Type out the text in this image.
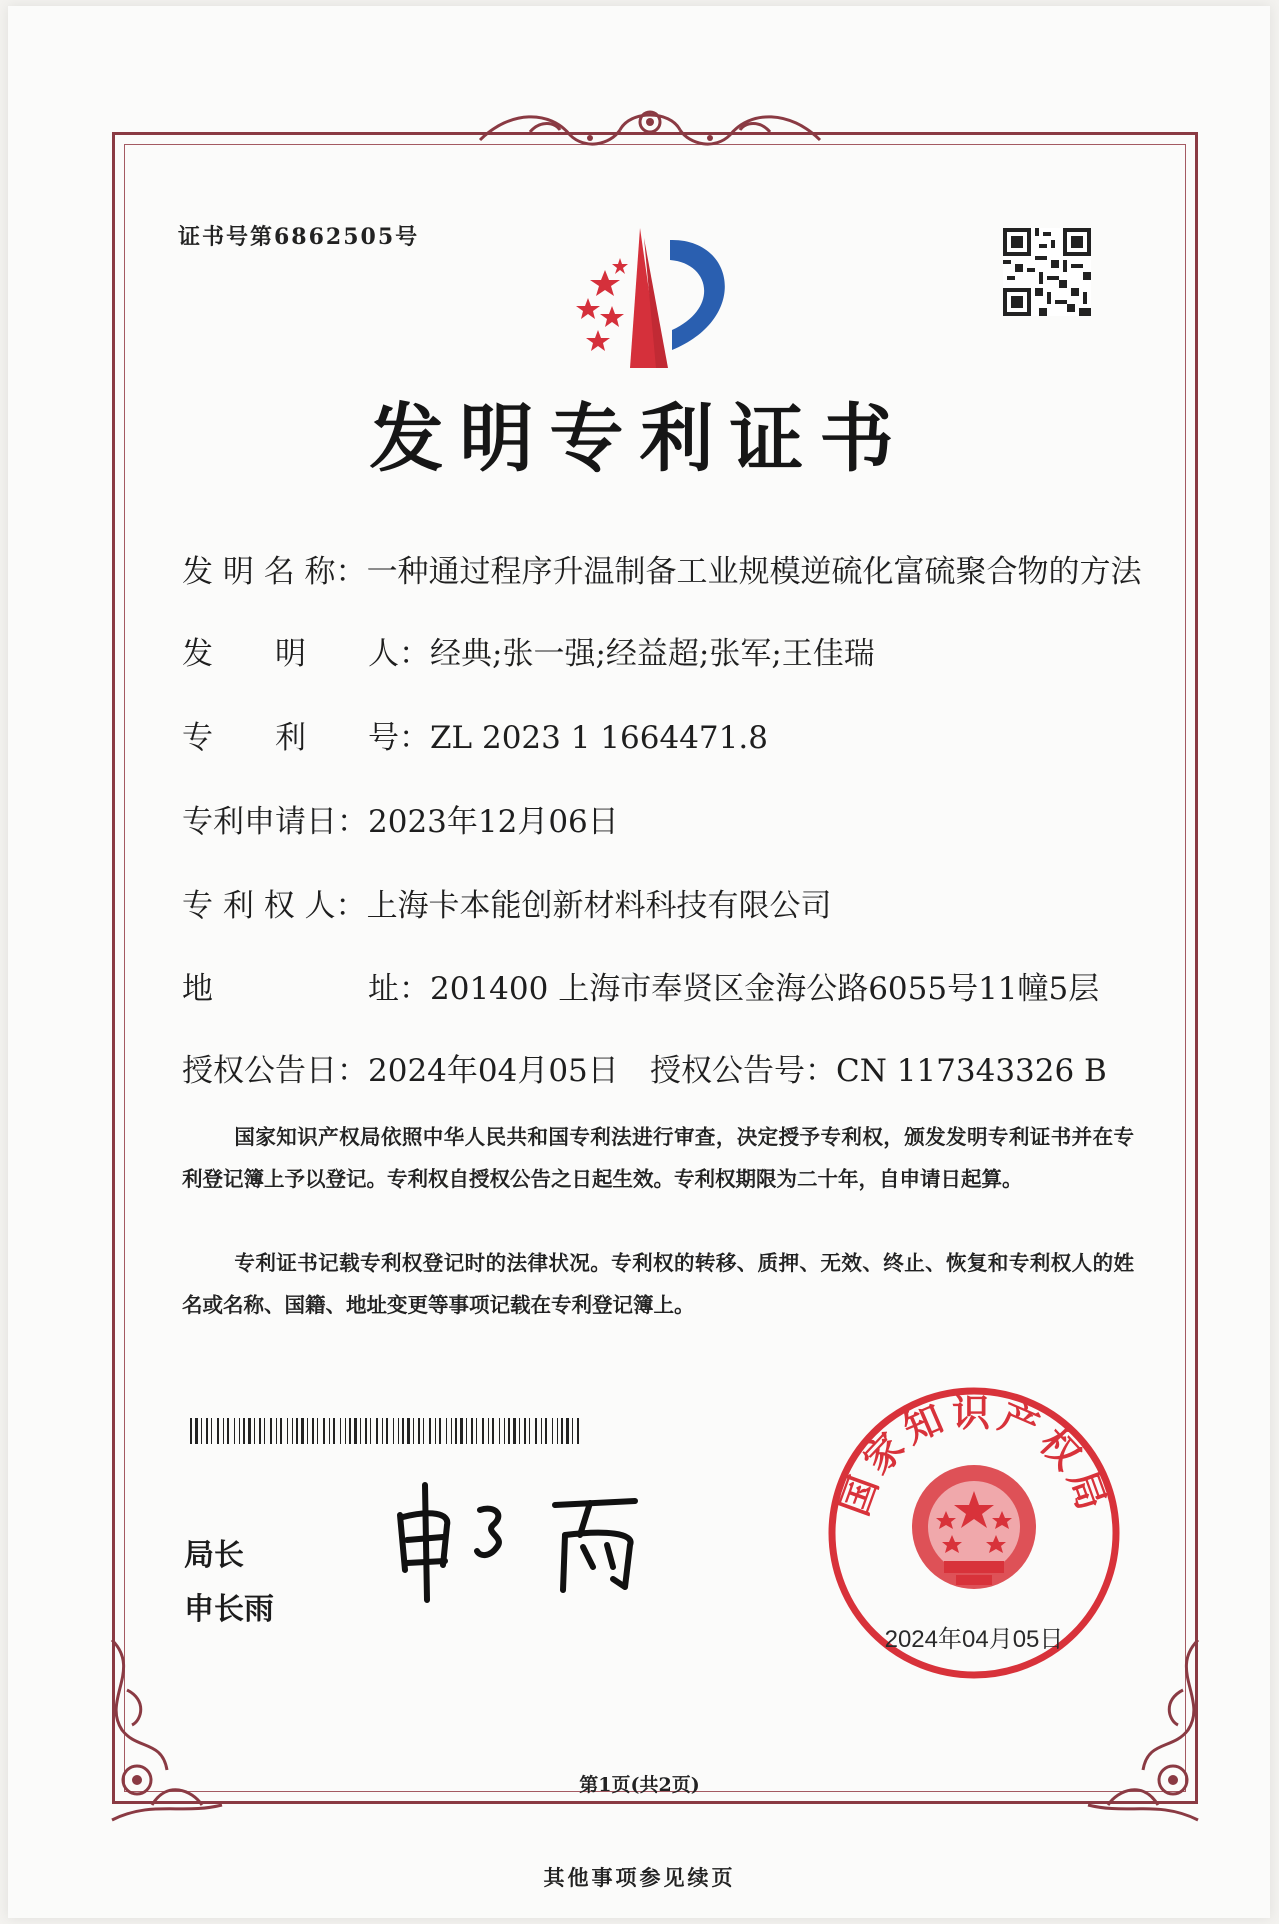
证书号第6862505号
发明专利证书
发 明 名 称：一种通过程序升温制备工业规模逆硫化富硫聚合物的方法
发　　明　　人：经典;张一强;经益超;张军;王佳瑞
专　　利　　号：ZL 2023 1 1664471.8
专利申请日：2023年12月06日
专 利 权 人：上海卡本能创新材料科技有限公司
地　　　　　址：201400 上海市奉贤区金海公路6055号11幢5层
授权公告日：2024年04月05日 授权公告号：CN 117343326 B
国家知识产权局依照中华人民共和国专利法进行审查，决定授予专利权，颁发发明专利证书并在专利登记簿上予以登记。专利权自授权公告之日起生效。专利权期限为二十年，自申请日起算。
专利证书记载专利权登记时的法律状况。专利权的转移、质押、无效、终止、恢复和专利权人的姓名或名称、国籍、地址变更等事项记载在专利登记簿上。
局长
申长雨
国家知识产权局
2024年04月05日
第1页(共2页)
其他事项参见续页
